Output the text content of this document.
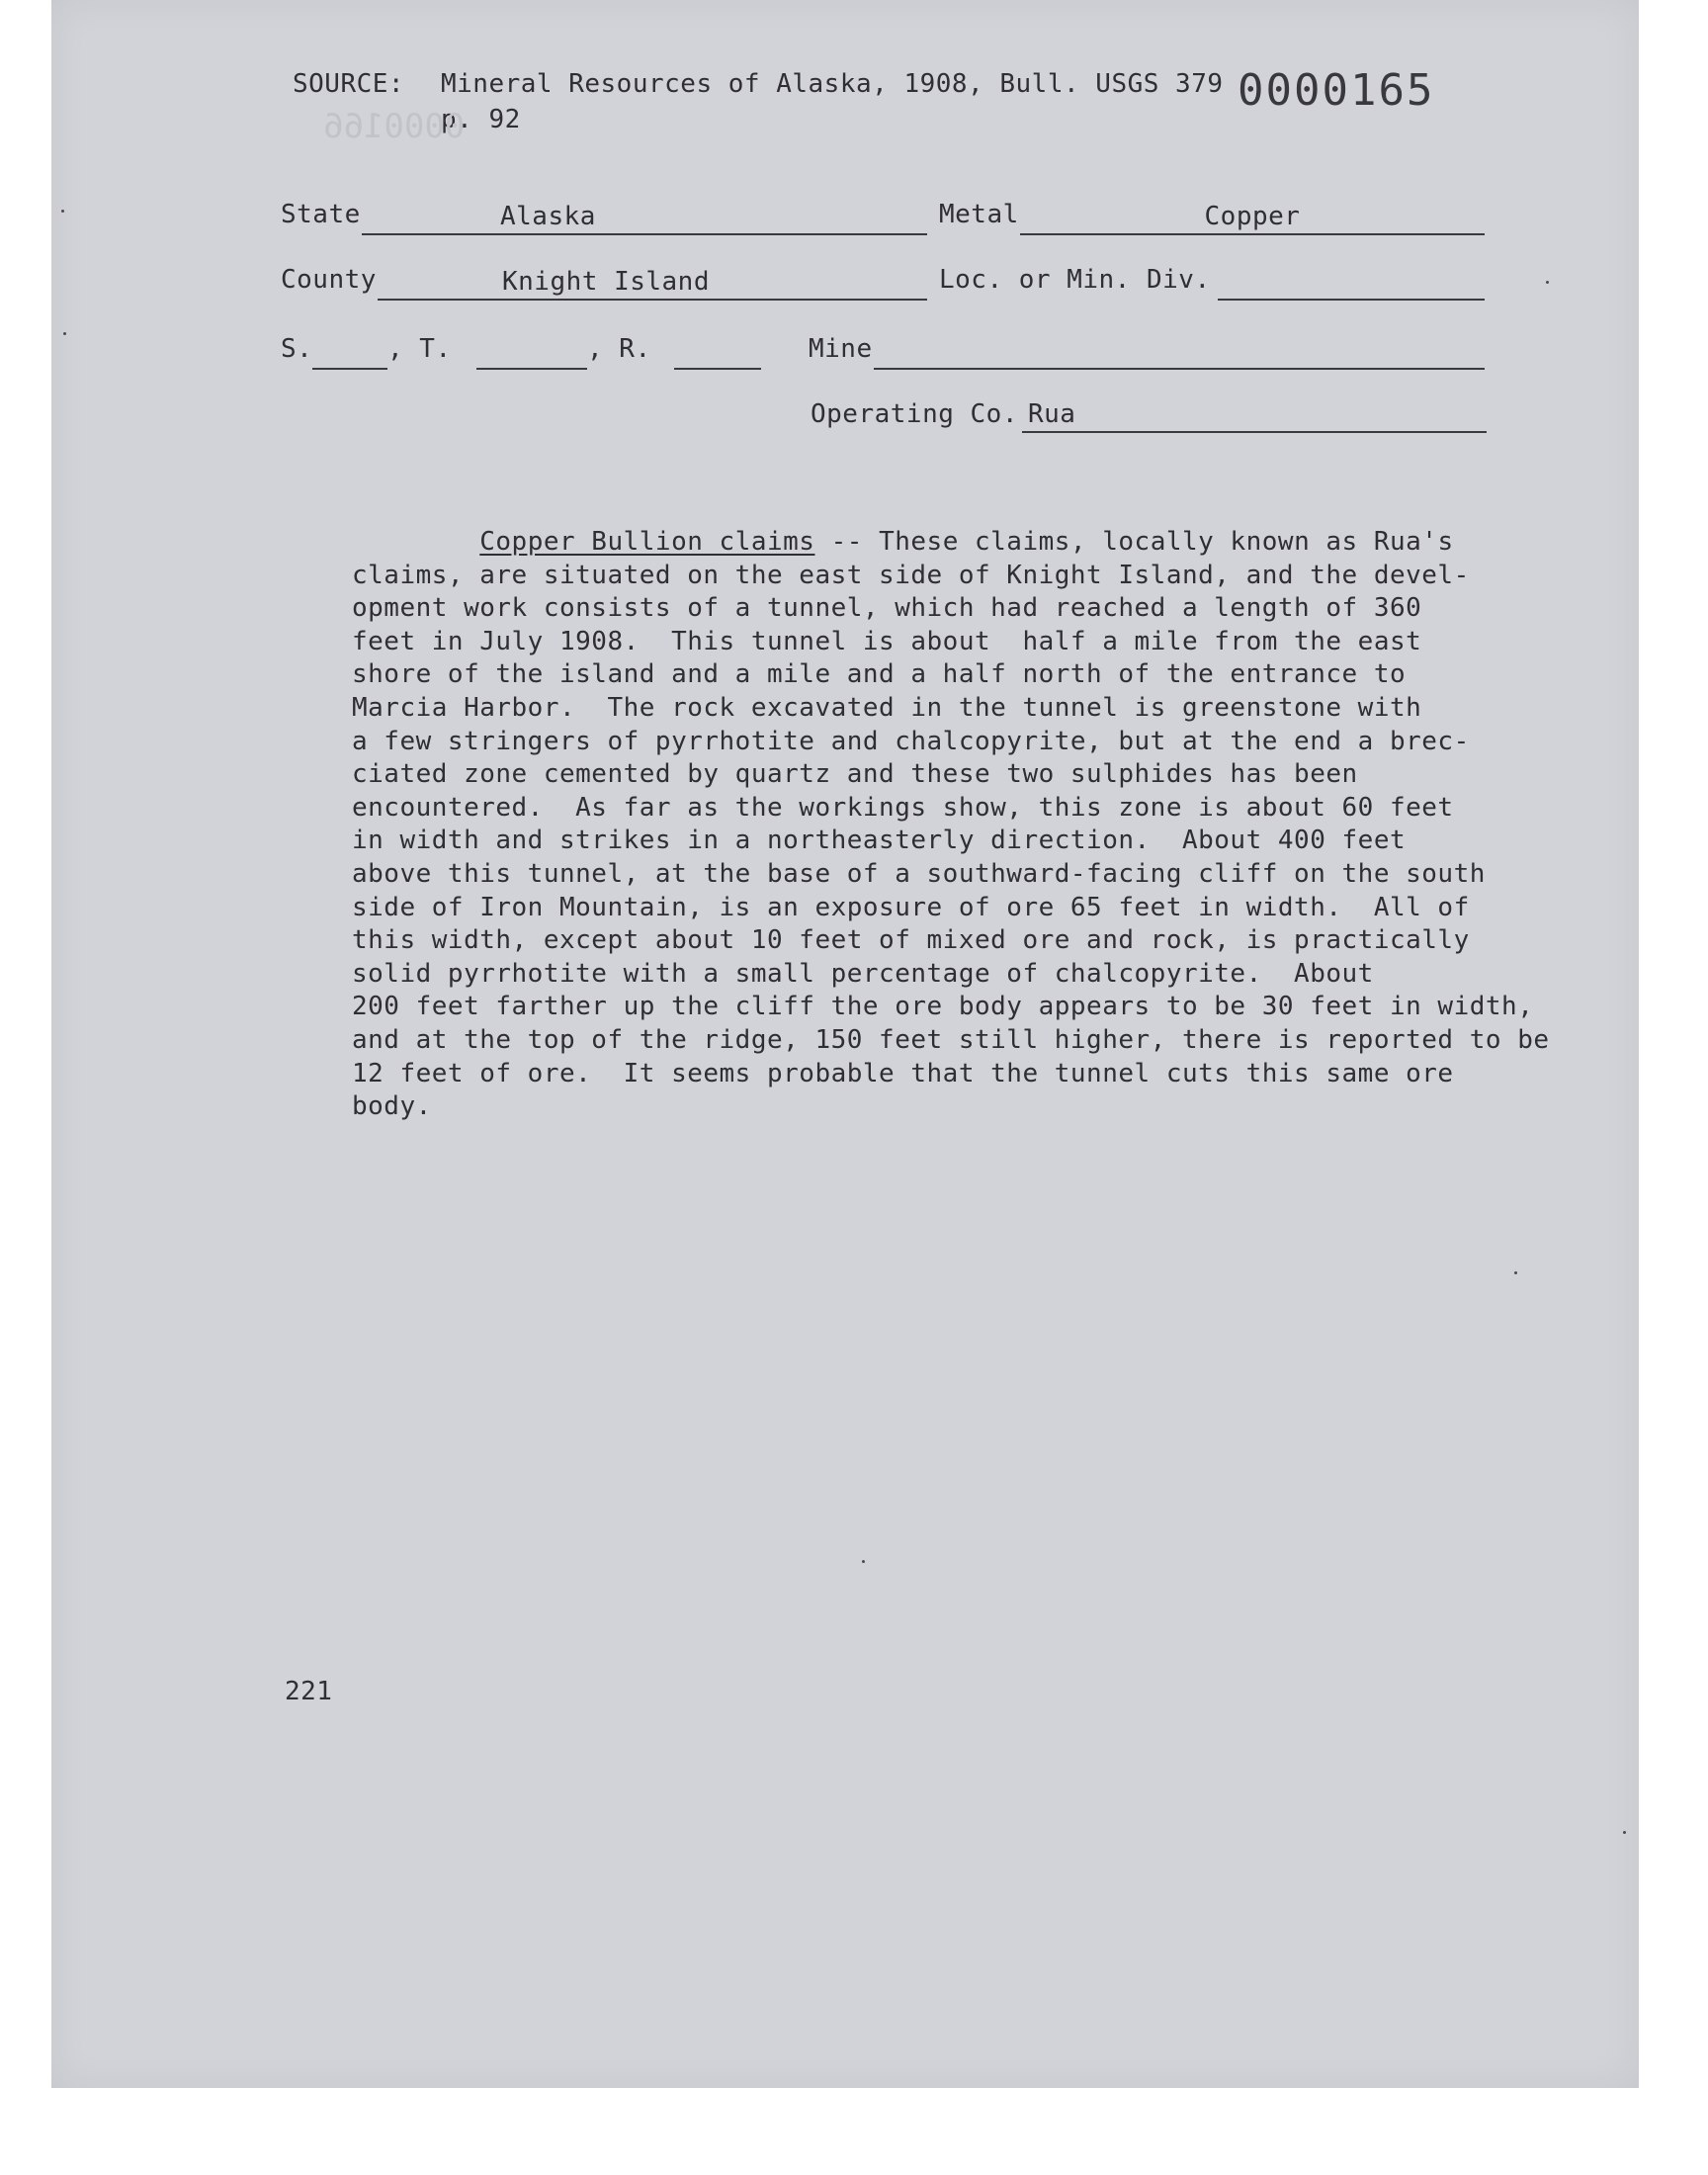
SOURCE: Mineral Resources of Alaska, 1908, Bull. USGS 379
p. 92
0000165
0000166
State	Alaska	Metal	Copper
County	Knight Island	Loc. or Min. Div.
S.	, T.	, R.	Mine
Operating Co. Rua
Copper Bullion claims -- These claims, locally known as Rua's
claims, are situated on the east side of Knight Island, and the devel-
opment work consists of a tunnel, which had reached a length of 360
feet in July 1908.  This tunnel is about  half a mile from the east
shore of the island and a mile and a half north of the entrance to
Marcia Harbor.  The rock excavated in the tunnel is greenstone with
a few stringers of pyrrhotite and chalcopyrite, but at the end a brec-
ciated zone cemented by quartz and these two sulphides has been
encountered.  As far as the workings show, this zone is about 60 feet
in width and strikes in a northeasterly direction.  About 400 feet
above this tunnel, at the base of a southward-facing cliff on the south
side of Iron Mountain, is an exposure of ore 65 feet in width.  All of
this width, except about 10 feet of mixed ore and rock, is practically
solid pyrrhotite with a small percentage of chalcopyrite.  About
200 feet farther up the cliff the ore body appears to be 30 feet in width,
and at the top of the ridge, 150 feet still higher, there is reported to be
12 feet of ore.  It seems probable that the tunnel cuts this same ore
body.
221
